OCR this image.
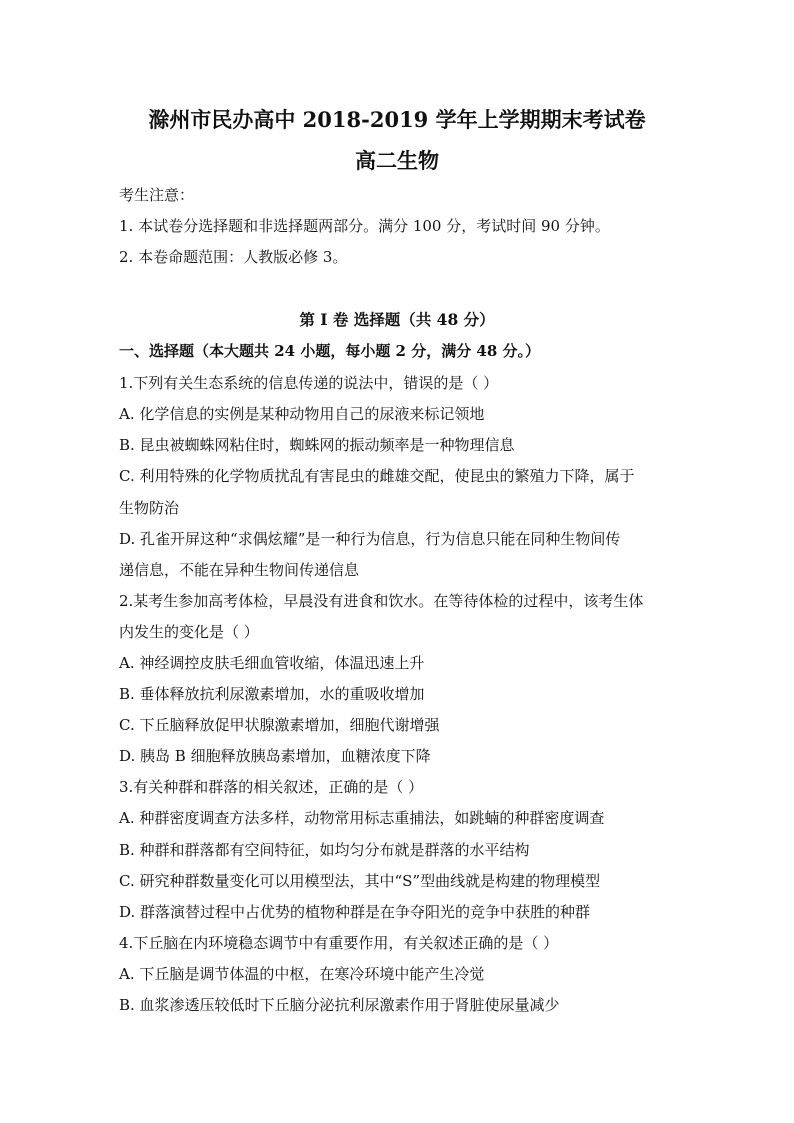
滁州市民办高中 2018-2019 学年上学期期末考试卷
高二生物
考生注意：
1. 本试卷分选择题和非选择题两部分。满分 100 分，考试时间 90 分钟。
2. 本卷命题范围：人教版必修 3。
第 I 卷 选择题（共 48 分）
一、选择题（本大题共 24 小题，每小题 2 分，满分 48 分。）
1.下列有关生态系统的信息传递的说法中，错误的是（ ）
A. 化学信息的实例是某种动物用自己的尿液来标记领地
B. 昆虫被蜘蛛网粘住时，蜘蛛网的振动频率是一种物理信息
C. 利用特殊的化学物质扰乱有害昆虫的雌雄交配，使昆虫的繁殖力下降，属于
生物防治
D. 孔雀开屏这种“求偶炫耀”是一种行为信息，行为信息只能在同种生物间传
递信息，不能在异种生物间传递信息
2.某考生参加高考体检，早晨没有进食和饮水。在等待体检的过程中，该考生体
内发生的变化是（ ）
A. 神经调控皮肤毛细血管收缩，体温迅速上升
B. 垂体释放抗利尿激素增加，水的重吸收增加
C. 下丘脑释放促甲状腺激素增加，细胞代谢增强
D. 胰岛 B 细胞释放胰岛素增加，血糖浓度下降
3.有关种群和群落的相关叙述，正确的是（ ）
A. 种群密度调查方法多样，动物常用标志重捕法，如跳蝻的种群密度调查
B. 种群和群落都有空间特征，如均匀分布就是群落的水平结构
C. 研究种群数量变化可以用模型法，其中“S”型曲线就是构建的物理模型
D. 群落演替过程中占优势的植物种群是在争夺阳光的竞争中获胜的种群
4.下丘脑在内环境稳态调节中有重要作用，有关叙述正确的是（ ）
A. 下丘脑是调节体温的中枢，在寒冷环境中能产生冷觉
B. 血浆渗透压较低时下丘脑分泌抗利尿激素作用于肾脏使尿量减少
